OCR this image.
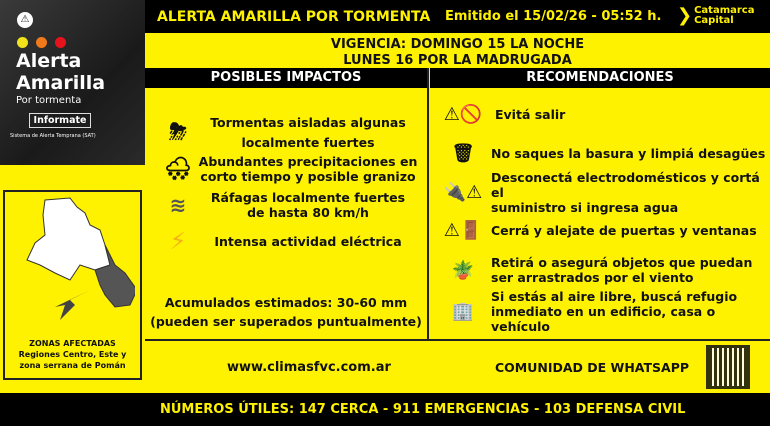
⚠
Alerta
Amarilla
Por tormenta
Informate
Sistema de Alerta Temprana (SAT)
ZONAS AFECTADAS
Regiones Centro, Este y
zona serrana de Pomán
ALERTA AMARILLA POR TORMENTA Emitido el 15/02/26 - 05:52 h. ❯ Catamarca
Capital
VIGENCIA: DOMINGO 15 LA NOCHE
LUNES 16 POR LA MADRUGADA
POSIBLES IMPACTOS	RECOMENDACIONES
⛈	Tormentas aisladas algunas
localmente fuertes
🌨 Abundantes precipitaciones en
corto tiempo y posible granizo
≋	Ráfagas localmente fuertes
de hasta 80 km/h
⚡	Intensa actividad eléctrica
Acumulados estimados: 30-60 mm
(pueden ser superados puntualmente)
⚠🚫	Evitá salir
🗑	No saques la basura y limpiá desagües
🔌⚠
Desconectá electrodomésticos y cortá el
suministro si ingresa agua
⚠🚪 Cerrá y alejate de puertas y ventanas
🪴	Retirá o asegurá objetos que puedan
ser arrastrados por el viento
🏢
Si estás al aire libre, buscá refugio
inmediato en un edificio, casa o vehículo
www.climasfvc.com.ar	COMUNIDAD DE WHATSAPP
NÚMEROS ÚTILES: 147 CERCA - 911 EMERGENCIAS - 103 DEFENSA CIVIL
